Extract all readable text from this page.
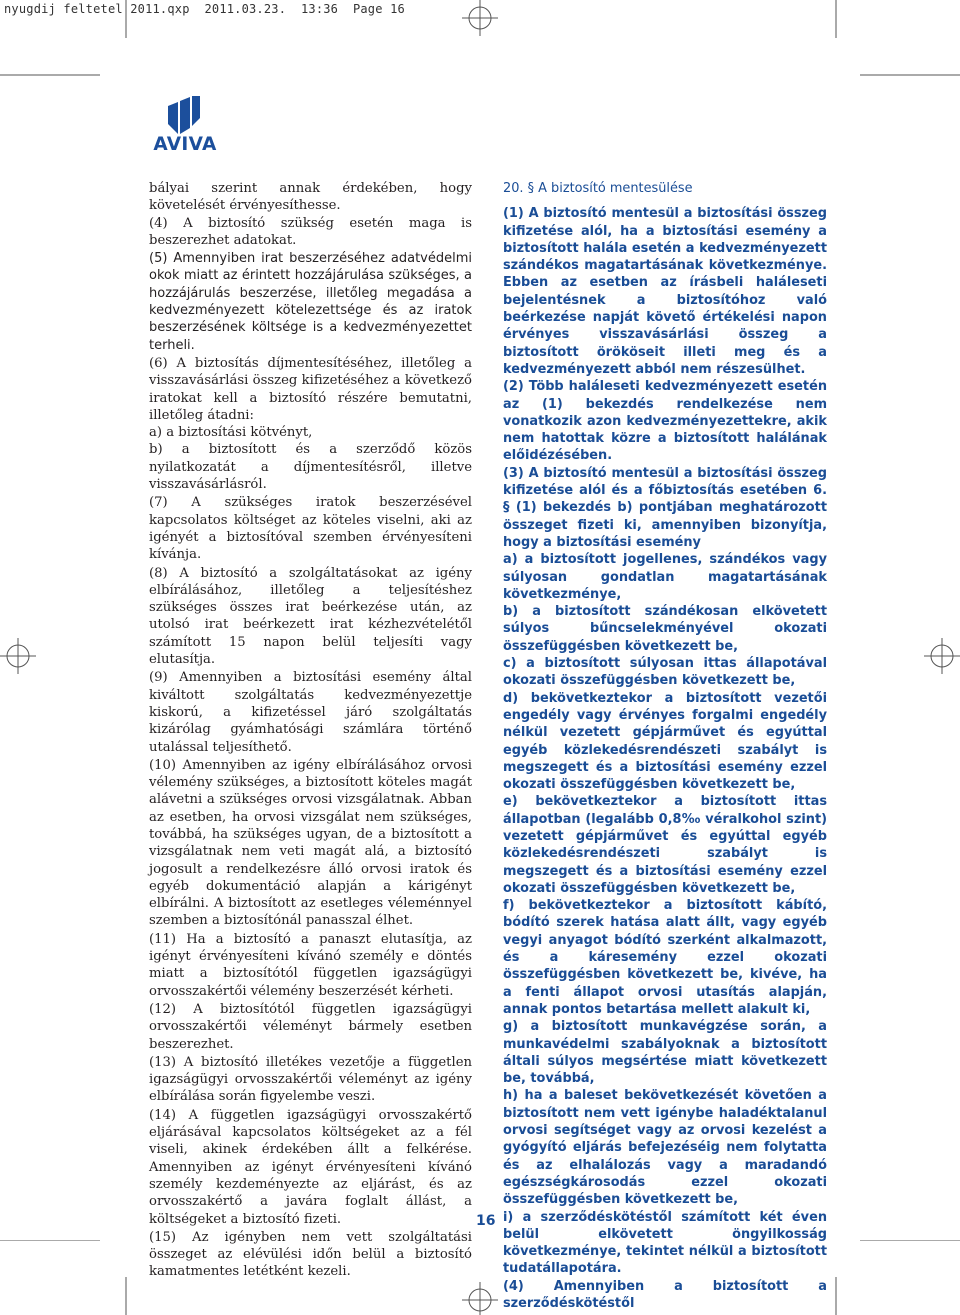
nyugdij feltetel 2011.qxp  2011.03.23.  13:36  Page 16
AVIVA

bályai szerint annak érdekében, hogy követelését érvényesíthesse.

(4) A biztosító szükség esetén maga is beszerezhet adatokat.

(5) Amennyiben irat beszerzéséhez adatvédelmi okok miatt az érintett hozzájárulása szükséges, a hozzájárulás beszerzése, illetőleg megadása a kedvezményezett kötelezettsége és az iratok beszerzésének költsége is a kedvezményezettet terheli.

(6) A biztosítás díjmentesítéséhez, illetőleg a visszavásárlási összeg kifizetéséhez a következő iratokat kell a biztosító részére bemutatni, illetőleg átadni:

a) a biztosítási kötvényt,

b) a biztosított és a szerződő közös nyilatkozatát a díjmentesítésről, illetve visszavásárlásról.

(7) A szükséges iratok beszerzésével kapcsolatos költséget az köteles viselni, aki az igényét a biztosítóval szemben érvényesíteni kívánja.

(8) A biztosító a szolgáltatásokat az igény elbírálásához, illetőleg a teljesítéshez szükséges összes irat beérkezése után, az utolsó irat beérkezett irat kézhezvételétől számított 15 napon belül teljesíti vagy elutasítja.

(9) Amennyiben a biztosítási esemény által kiváltott szolgáltatás kedvezményezettje kiskorú, a kifizetéssel járó szolgáltatás kizárólag gyámhatósági számlára történő utalással teljesíthető.

(10) Amennyiben az igény elbírálásához orvosi vélemény szükséges, a biztosított köteles magát alávetni a szükséges orvosi vizsgálatnak. Abban az esetben, ha orvosi vizsgálat nem szükséges, továbbá, ha szükséges ugyan, de a biztosított a vizsgálatnak nem veti magát alá, a biztosító jogosult a rendelkezésre álló orvosi iratok és egyéb dokumentáció alapján a kárigényt elbírálni. A biztosított az esetleges véleménnyel szemben a biztosítónál panasszal élhet.

(11) Ha a biztosító a panaszt elutasítja, az igényt érvényesíteni kívánó személy e döntés miatt a biztosítótól független igazságügyi orvosszakértői vélemény beszerzését kérheti.

(12) A biztosítótól független igazságügyi orvosszakértői véleményt bármely esetben beszerezhet.

(13) A biztosító illetékes vezetője a független igazságügyi orvosszakértői véleményt az igény elbírálása során figyelembe veszi.

(14) A független igazságügyi orvosszakértő eljárásával kapcsolatos költségeket az a fél viseli, akinek érdekében állt a felkérése. Amennyiben az igényt érvényesíteni kívánó személy kezdeményezte az eljárást, és az orvosszakértő a javára foglalt állást, a költségeket a biztosító fizeti.

(15) Az igényben nem vett szolgáltatási összeget az elévülési időn belül a biztosító kamatmentes letétként kezeli.

20. § A biztosító mentesülése

(1) A biztosító mentesül a biztosítási összeg kifizetése alól, ha a biztosítási esemény a biztosított halála esetén a kedvezményezett szándékos magatartásának következménye. Ebben az esetben az írásbeli haláleseti bejelentésnek a biztosítóhoz való beérkezése napját követő értékelési napon érvényes visszavásárlási összeg a biztosított örököseit illeti meg és a kedvezményezett abból nem részesülhet.

(2) Több haláleseti kedvezményezett esetén az (1) bekezdés rendelkezése nem vonatkozik azon kedvezményezettekre, akik nem hatottak közre a biztosított halálának előidézésében.

(3) A biztosító mentesül a biztosítási összeg kifizetése alól és a főbiztosítás esetében 6. § (1) bekezdés b) pontjában meghatározott összeget fizeti ki, amennyiben bizonyítja, hogy a biztosítási esemény

a) a biztosított jogellenes, szándékos vagy súlyosan gondatlan magatartásának következménye,

b) a biztosított szándékosan elkövetett súlyos bűncselekményével okozati összefüggésben következett be,

c) a biztosított súlyosan ittas állapotával okozati összefüggésben következett be,

d) bekövetkeztekor a biztosított vezetői engedély vagy érvényes forgalmi engedély nélkül vezetett gépjárművet és egyúttal egyéb közlekedésrendészeti szabályt is megszegett és a biztosítási esemény ezzel okozati összefüggésben következett be,

e) bekövetkeztekor a biztosított ittas állapotban (legalább 0,8‰ véralkohol szint) vezetett gépjárművet és egyúttal egyéb közlekedésrendészeti szabályt is megszegett és a biztosítási esemény ezzel okozati összefüggésben következett be,

f) bekövetkeztekor a biztosított kábító, bódító szerek hatása alatt állt, vagy egyéb vegyi anyagot bódító szerként alkalmazott, és a káresemény ezzel okozati összefüggésben következett be, kivéve, ha a fenti állapot orvosi utasítás alapján, annak pontos betartása mellett alakult ki,

g) a biztosított munkavégzése során, a munkavédelmi szabályoknak a biztosított általi súlyos megsértése miatt következett be, továbbá,

h) ha a baleset bekövetkezését követően a biztosított nem vett igénybe haladéktalanul orvosi segítséget vagy az orvosi kezelést a gyógyító eljárás befejezéséig nem folytatta és az elhalálozás vagy a maradandó egészségkárosodás ezzel okozati összefüggésben következett be,

i) a szerződéskötéstől számított két éven belül elkövetett öngyilkosság következménye, tekintet nélkül a biztosított tudatállapotára.

(4) Amennyiben a biztosított a szerződéskötéstől

16
